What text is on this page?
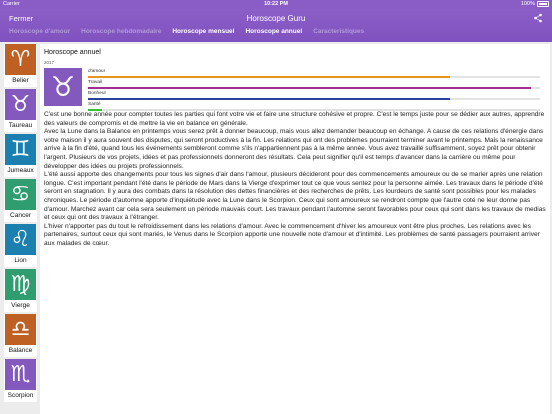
Carrier	10:22 PM	100%
Fermer	Horoscope Guru
Horoscope d'amour Horoscope hebdomadaire Horoscope mensuel Horoscope annuel Caracteristiques
♈
Belier
♉
Taureau
♊
Jumeaux
♋
Cancer
♌
Lion
♍
Vierge
♎
Balance
♏
Scorpion
Horoscope annuel
2017
♉	d'amour
Travail
Bonheur
Santé

C'est une bonne année pour compter toutes les parties qui font votre vie et faire une structure cohésive et propre. C'est le temps juste pour se dédier aux autres, apprendre des valeurs de compromis et de mettre la vie en balance en générale.

Avec la Lune dans la Balance en printemps vous serez prêt à donner beaucoup, mais vous allez demander beaucoup en échange. A cause de ces relations d'énergie dans votre maison il y aura souvent des disputes, qui seront productives à la fin. Les relations qui ont des problèmes pourraient terminer avant le printemps. Mais la renaissance arrive à la fin d'été, quand tous les événements sembleront comme s'ils n'appartiennent pas à la même année. Vous avez travaillé suffisamment, soyez prêt pour obtenir l'argent. Plusieurs de vos projets, idées et pas professionnels donneront des résultats. Cela peut signifier qu'il est temps d'avancer dans la carrière ou même pour développer des idées ou projets professionnels.

L'été aussi apporte des changements pour tous les signes d'air dans l'amour, plusieurs décideront pour des commencements amoureux ou de se marier après une relation longue. C'est important pendant l'été dans le période de Mars dans la Vierge d'exprimer tout ce que vous sentez pour la personne aimée. Les travaux dans le période d'été seront en stagnation. Il y aura des combats dans la résolution des dettes financières et des recherches de prêts. Les lourdeurs de santé sont possibles pour les malades chroniques. Le période d'automne apporte d'inquiétude avec la Lune dans le Scorpion. Ceux qui sont amoureux se rendront compte que l'autre coté ne leur donne pas d'amour. Marchez avant car cela sera seulement un période mauvais court. Les travaux pendant l'automne seront favorables pour ceux qui sont dans les travaux de medias et ceux qui ont des travaux à l'étranger.

L'hiver n'apporter pas du tout le refroidissement dans les relations d'amour. Avec le commencement d'hiver les amoureux vont être plus proches. Les relations avec les partenaires, surtout ceux qui sont mariés, le Venus dans le Scorpion apporte une nouvelle note d'amour et d'intimité. Les problèmes de santé passagers pourraient arriver aux malades de cœur.
